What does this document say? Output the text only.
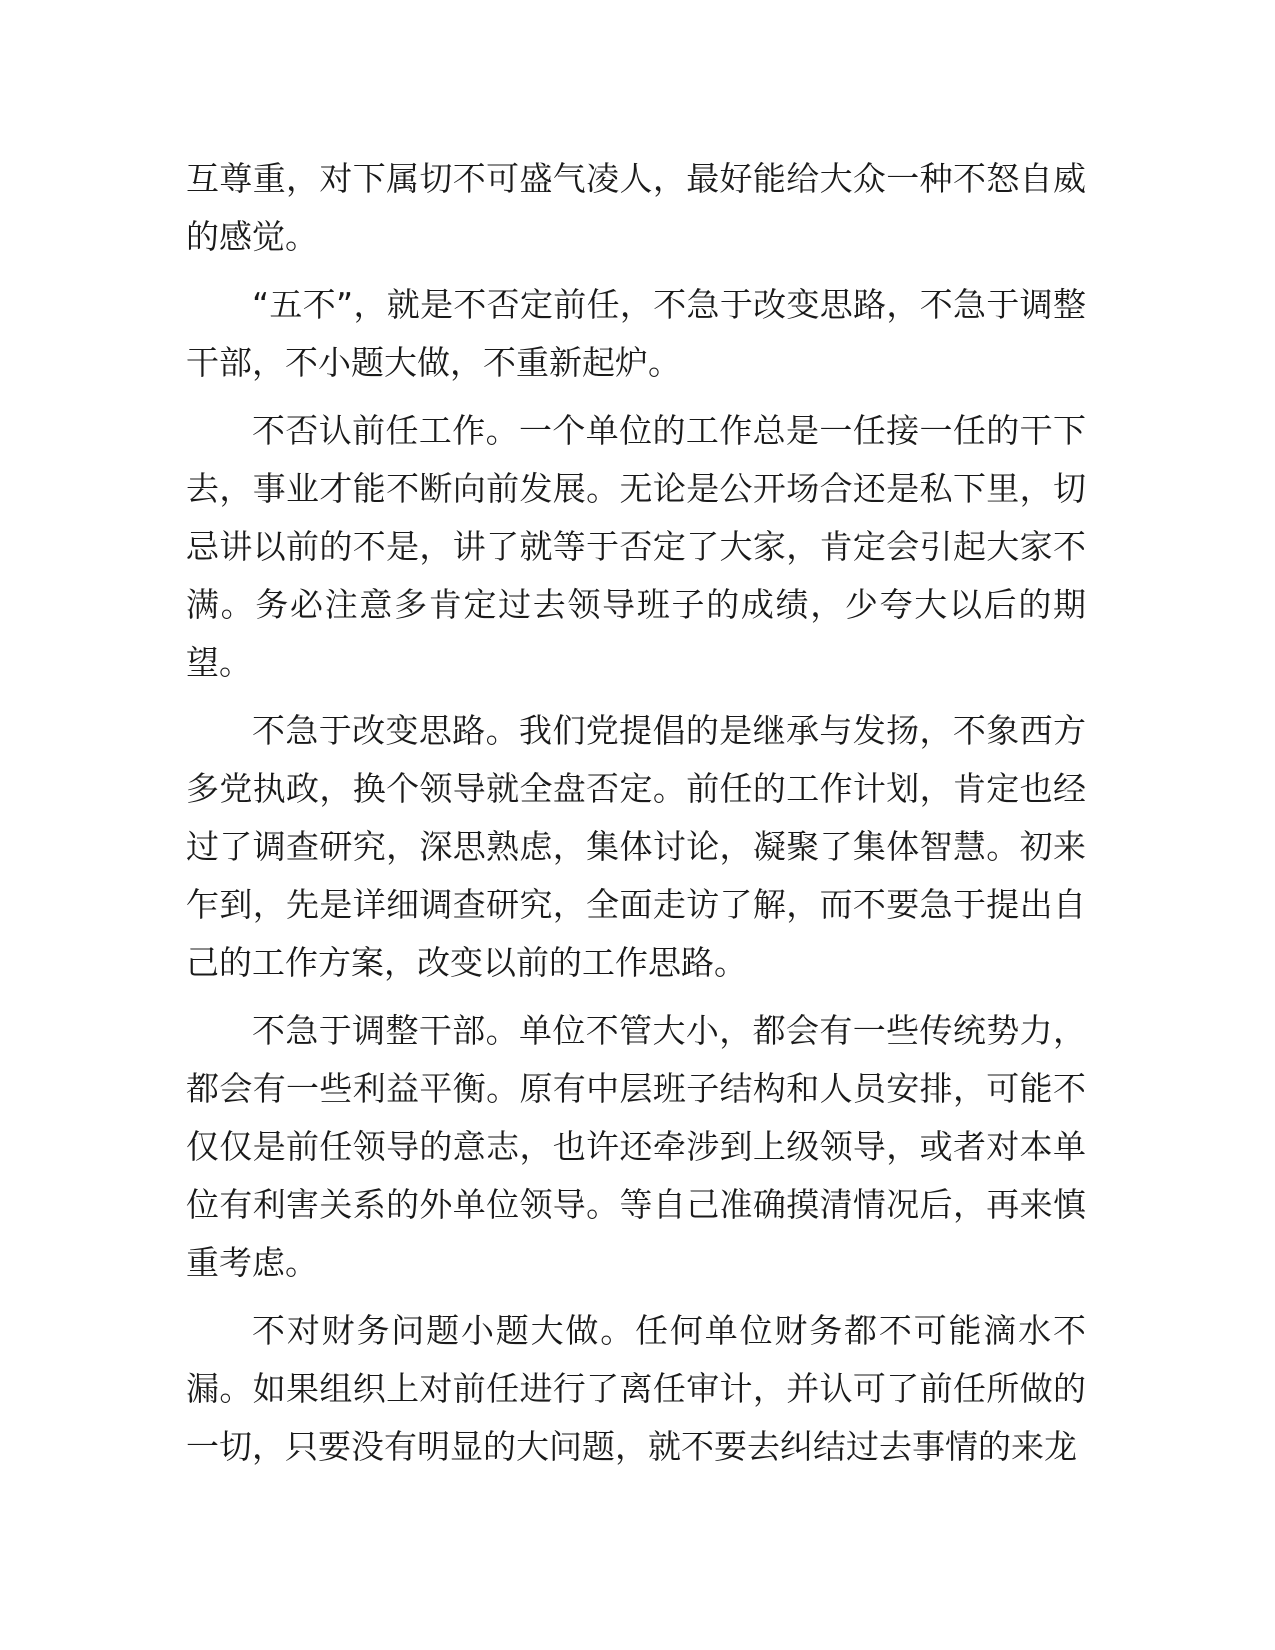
互尊重，对下属切不可盛气凌人，最好能给大众一种不怒自威的感觉。

“五不”，就是不否定前任，不急于改变思路，不急于调整干部，不小题大做，不重新起炉。

不否认前任工作。一个单位的工作总是一任接一任的干下去，事业才能不断向前发展。无论是公开场合还是私下里，切忌讲以前的不是，讲了就等于否定了大家，肯定会引起大家不满。务必注意多肯定过去领导班子的成绩，少夸大以后的期望。

不急于改变思路。我们党提倡的是继承与发扬，不象西方多党执政，换个领导就全盘否定。前任的工作计划，肯定也经过了调查研究，深思熟虑，集体讨论，凝聚了集体智慧。初来乍到，先是详细调查研究，全面走访了解，而不要急于提出自己的工作方案，改变以前的工作思路。

不急于调整干部。单位不管大小，都会有一些传统势力，都会有一些利益平衡。原有中层班子结构和人员安排，可能不仅仅是前任领导的意志，也许还牵涉到上级领导，或者对本单位有利害关系的外单位领导。等自己准确摸清情况后，再来慎重考虑。

不对财务问题小题大做。任何单位财务都不可能滴水不漏。如果组织上对前任进行了离任审计，并认可了前任所做的一切，只要没有明显的大问题，就不要去纠结过去事情的来龙
